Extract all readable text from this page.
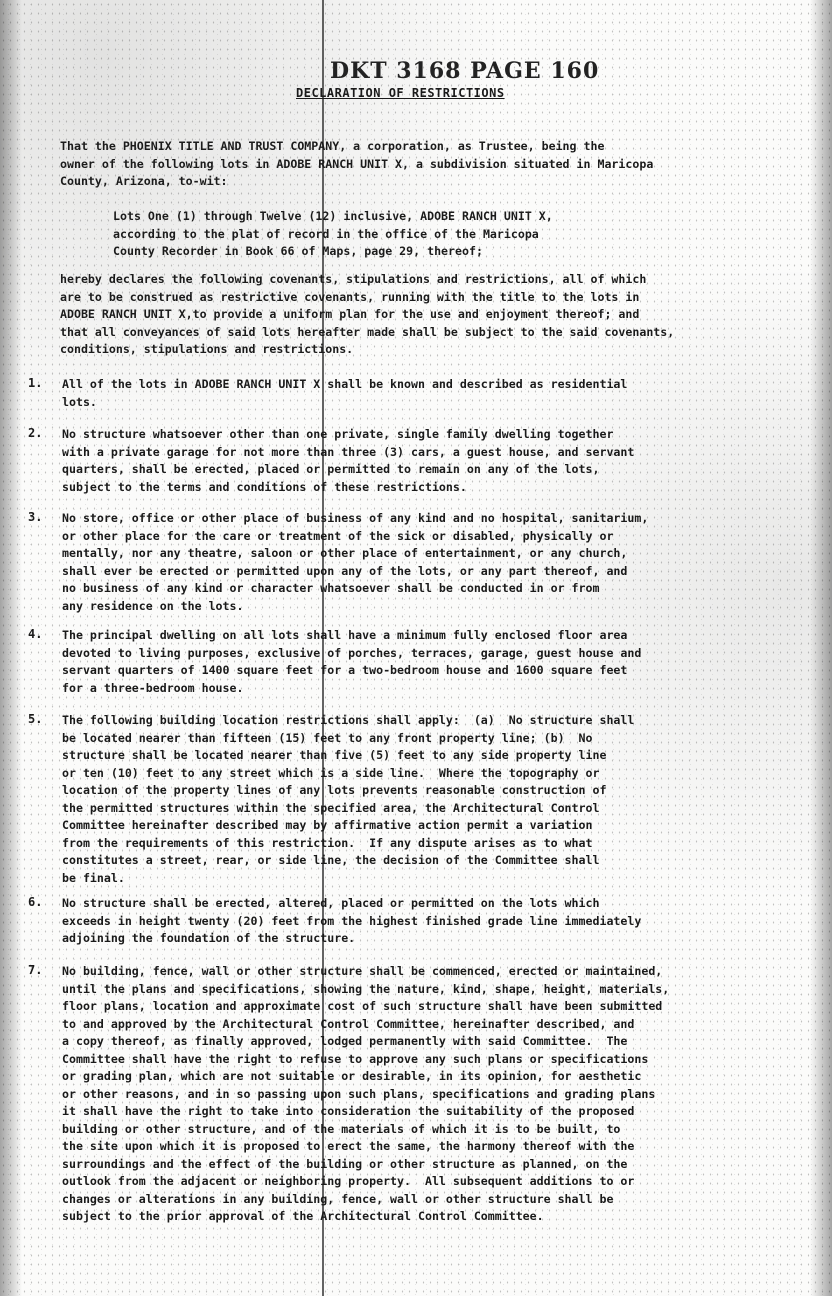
DKT 3168 PAGE 160
DECLARATION OF RESTRICTIONS
That the PHOENIX TITLE AND TRUST COMPANY, a corporation, as Trustee, being the
owner of the following lots in ADOBE RANCH UNIT X, a subdivision situated in Maricopa
County, Arizona, to-wit:
Lots One (1) through Twelve (12) inclusive, ADOBE RANCH UNIT X,
according to the plat of record in the office of the Maricopa
County Recorder in Book 66 of Maps, page 29, thereof;
hereby declares the following covenants, stipulations and restrictions, all of which
are to be construed as restrictive covenants, running with the title to the lots in
ADOBE RANCH UNIT X,to provide a uniform plan for the use and enjoyment thereof; and
that all conveyances of said lots hereafter made shall be subject to the said covenants,
conditions, stipulations and restrictions.
1. All of the lots in ADOBE RANCH UNIT X shall be known and described as residential
lots.
2. No structure whatsoever other than one private, single family dwelling together
with a private garage for not more than three (3) cars, a guest house, and servant
quarters, shall be erected, placed or permitted to remain on any of the lots,
subject to the terms and conditions of these restrictions.
3. No store, office or other place of business of any kind and no hospital, sanitarium,
or other place for the care or treatment of the sick or disabled, physically or
mentally, nor any theatre, saloon or other place of entertainment, or any church,
shall ever be erected or permitted upon any of the lots, or any part thereof, and
no business of any kind or character whatsoever shall be conducted in or from
any residence on the lots.
4. The principal dwelling on all lots shall have a minimum fully enclosed floor area
devoted to living purposes, exclusive of porches, terraces, garage, guest house and
servant quarters of 1400 square feet for a two-bedroom house and 1600 square feet
for a three-bedroom house.
5. The following building location restrictions shall apply:  (a)  No structure shall
be located nearer than fifteen (15) feet to any front property line; (b)  No
structure shall be located nearer than five (5) feet to any side property line
or ten (10) feet to any street which is a side line.  Where the topography or
location of the property lines of any lots prevents reasonable construction of
the permitted structures within the specified area, the Architectural Control
Committee hereinafter described may by affirmative action permit a variation
from the requirements of this restriction.  If any dispute arises as to what
constitutes a street, rear, or side line, the decision of the Committee shall
be final.
6. No structure shall be erected, altered, placed or permitted on the lots which
exceeds in height twenty (20) feet from the highest finished grade line immediately
adjoining the foundation of the structure.
7. No building, fence, wall or other structure shall be commenced, erected or maintained,
until the plans and specifications, showing the nature, kind, shape, height, materials,
floor plans, location and approximate cost of such structure shall have been submitted
to and approved by the Architectural Control Committee, hereinafter described, and
a copy thereof, as finally approved, lodged permanently with said Committee.  The
Committee shall have the right to refuse to approve any such plans or specifications
or grading plan, which are not suitable or desirable, in its opinion, for aesthetic
or other reasons, and in so passing upon such plans, specifications and grading plans
it shall have the right to take into consideration the suitability of the proposed
building or other structure, and of the materials of which it is to be built, to
the site upon which it is proposed to erect the same, the harmony thereof with the
surroundings and the effect of the building or other structure as planned, on the
outlook from the adjacent or neighboring property.  All subsequent additions to or
changes or alterations in any building, fence, wall or other structure shall be
subject to the prior approval of the Architectural Control Committee.
